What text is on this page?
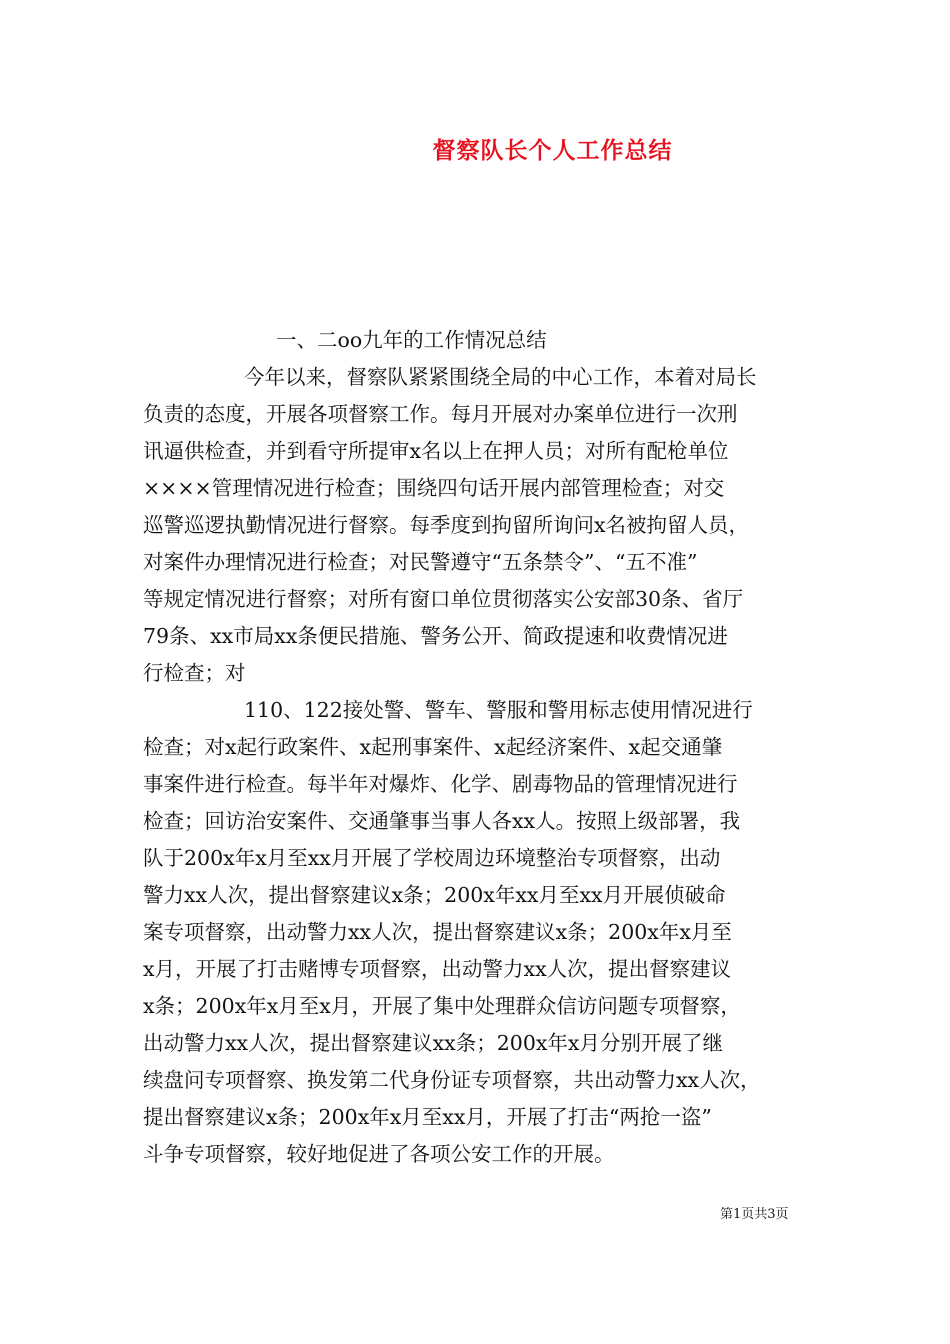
督察队长个人工作总结
一、二oo九年的工作情况总结
今年以来，督察队紧紧围绕全局的中心工作，本着对局长
负责的态度，开展各项督察工作。每月开展对办案单位进行一次刑
讯逼供检查，并到看守所提审x名以上在押人员；对所有配枪单位
××××管理情况进行检查；围绕四句话开展内部管理检查；对交
巡警巡逻执勤情况进行督察。每季度到拘留所询问x名被拘留人员，
对案件办理情况进行检查；对民警遵守“五条禁令”、“五不准”
等规定情况进行督察；对所有窗口单位贯彻落实公安部30条、省厅
79条、xx市局xx条便民措施、警务公开、简政提速和收费情况进
行检查；对
110、122接处警、警车、警服和警用标志使用情况进行
检查；对x起行政案件、x起刑事案件、x起经济案件、x起交通肇
事案件进行检查。每半年对爆炸、化学、剧毒物品的管理情况进行
检查；回访治安案件、交通肇事当事人各xx人。按照上级部署，我
队于200x年x月至xx月开展了学校周边环境整治专项督察，出动
警力xx人次，提出督察建议x条；200x年xx月至xx月开展侦破命
案专项督察，出动警力xx人次，提出督察建议x条；200x年x月至
x月，开展了打击赌博专项督察，出动警力xx人次，提出督察建议
x条；200x年x月至x月，开展了集中处理群众信访问题专项督察，
出动警力xx人次，提出督察建议xx条；200x年x月分别开展了继
续盘问专项督察、换发第二代身份证专项督察，共出动警力xx人次，
提出督察建议x条；200x年x月至xx月，开展了打击“两抢一盗”
斗争专项督察，较好地促进了各项公安工作的开展。
第1页共3页
